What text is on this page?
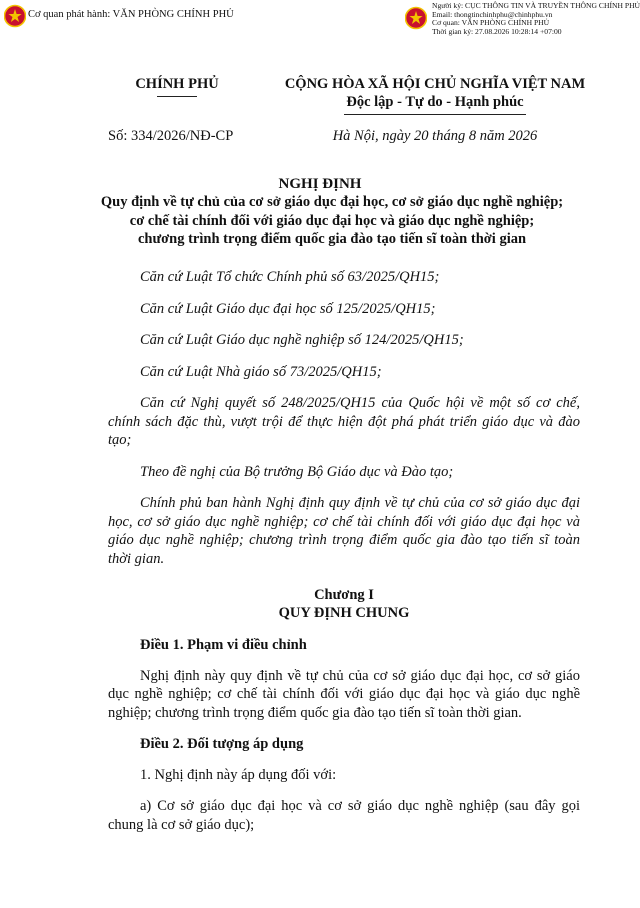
Cơ quan phát hành: VĂN PHÒNG CHÍNH PHỦ
Người ký: CỤC THÔNG TIN VÀ TRUYỀN THÔNG CHÍNH PHỦ
Email: thongtinchinhphu@chinhphu.vn
Cơ quan: VĂN PHÒNG CHÍNH PHỦ
Thời gian ký: 27.08.2026 10:28:14 +07:00
CHÍNH PHỦ	CỘNG HÒA XÃ HỘI CHỦ NGHĨA VIỆT NAM
Độc lập - Tự do - Hạnh phúc
Số: 334/2026/NĐ-CP	Hà Nội, ngày 20 tháng 8 năm 2026
NGHỊ ĐỊNH
Quy định về tự chủ của cơ sở giáo dục đại học, cơ sở giáo dục nghề nghiệp;
cơ chế tài chính đối với giáo dục đại học và giáo dục nghề nghiệp;
chương trình trọng điểm quốc gia đào tạo tiến sĩ toàn thời gian

Căn cứ Luật Tổ chức Chính phủ số 63/2025/QH15;

Căn cứ Luật Giáo dục đại học số 125/2025/QH15;

Căn cứ Luật Giáo dục nghề nghiệp số 124/2025/QH15;

Căn cứ Luật Nhà giáo số 73/2025/QH15;

Căn cứ Nghị quyết số 248/2025/QH15 của Quốc hội về một số cơ chế, chính sách đặc thù, vượt trội để thực hiện đột phá phát triển giáo dục và đào tạo;

Theo đề nghị của Bộ trưởng Bộ Giáo dục và Đào tạo;

Chính phủ ban hành Nghị định quy định về tự chủ của cơ sở giáo dục đại học, cơ sở giáo dục nghề nghiệp; cơ chế tài chính đối với giáo dục đại học và giáo dục nghề nghiệp; chương trình trọng điểm quốc gia đào tạo tiến sĩ toàn thời gian.

Chương I

QUY ĐỊNH CHUNG

Điều 1. Phạm vi điều chỉnh

Nghị định này quy định về tự chủ của cơ sở giáo dục đại học, cơ sở giáo dục nghề nghiệp; cơ chế tài chính đối với giáo dục đại học và giáo dục nghề nghiệp; chương trình trọng điểm quốc gia đào tạo tiến sĩ toàn thời gian.

Điều 2. Đối tượng áp dụng

1. Nghị định này áp dụng đối với:

a) Cơ sở giáo dục đại học và cơ sở giáo dục nghề nghiệp (sau đây gọi chung là cơ sở giáo dục);
